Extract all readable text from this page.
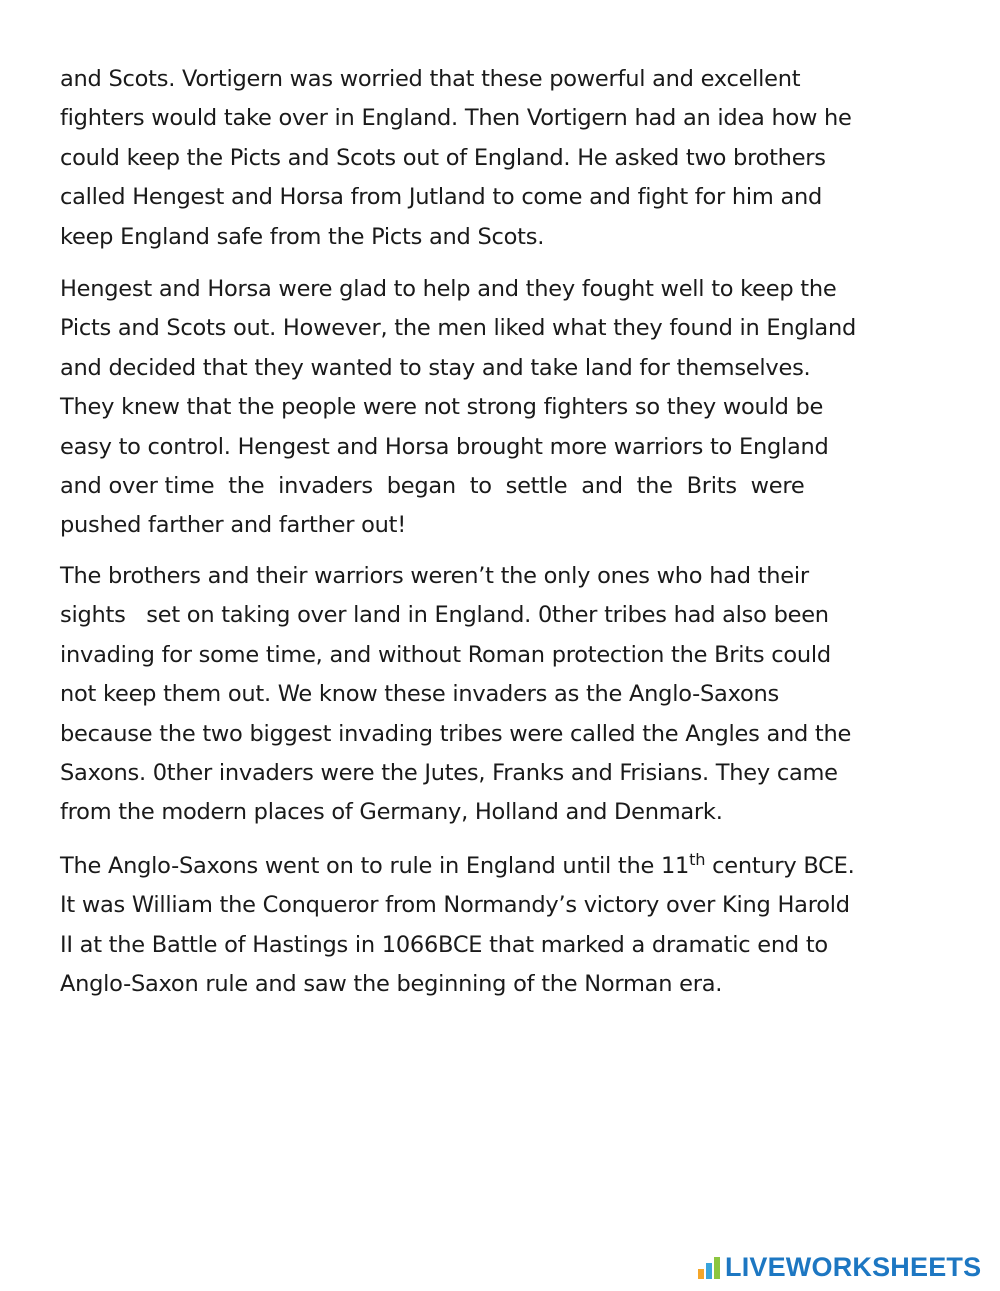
and Scots. Vortigern was worried that these powerful and excellent
fighters would take over in England. Then Vortigern had an idea how he
could keep the Picts and Scots out of England. He asked two brothers
called Hengest and Horsa from Jutland to come and fight for him and
keep England safe from the Picts and Scots.

Hengest and Horsa were glad to help and they fought well to keep the
Picts and Scots out. However, the men liked what they found in England
and decided that they wanted to stay and take land for themselves.
They knew that the people were not strong fighters so they would be
easy to control. Hengest and Horsa brought more warriors to England
and over time  the  invaders  began  to  settle  and  the  Brits  were
pushed farther and farther out!

The brothers and their warriors weren’t the only ones who had their
sights   set on taking over land in England. 0ther tribes had also been
invading for some time, and without Roman protection the Brits could
not keep them out. We know these invaders as the Anglo-Saxons
because the two biggest invading tribes were called the Angles and the
Saxons. 0ther invaders were the Jutes, Franks and Frisians. They came
from the modern places of Germany, Holland and Denmark.

The Anglo-Saxons went on to rule in England until the 11th century BCE.
It was William the Conqueror from Normandy’s victory over King Harold
II at the Battle of Hastings in 1066BCE that marked a dramatic end to
Anglo-Saxon rule and saw the beginning of the Norman era.

LIVEWORKSHEETS
